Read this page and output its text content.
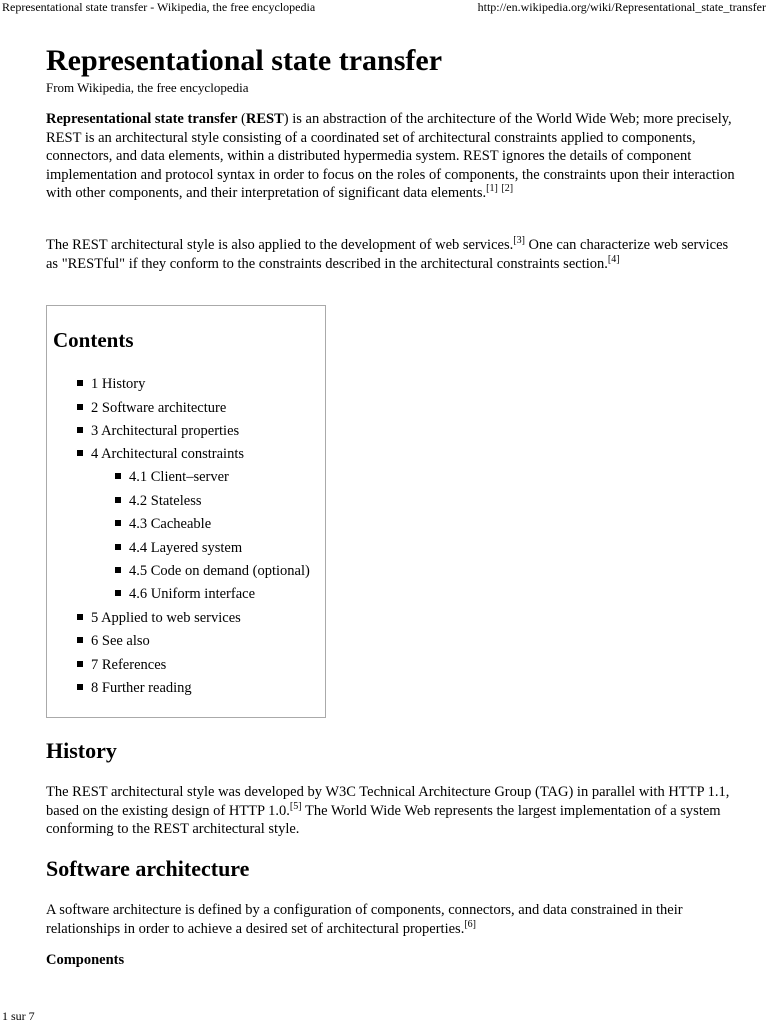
Representational state transfer - Wikipedia, the free encyclopedia	http://en.wikipedia.org/wiki/Representational_state_transfer
Representational state transfer
From Wikipedia, the free encyclopedia

Representational state transfer (REST) is an abstraction of the architecture of the World Wide Web; more precisely, REST is an architectural style consisting of a coordinated set of architectural constraints applied to components, connectors, and data elements, within a distributed hypermedia system. REST ignores the details of component implementation and protocol syntax in order to focus on the roles of components, the constraints upon their interaction with other components, and their interpretation of significant data elements.[1] [2]

The REST architectural style is also applied to the development of web services.[3] One can characterize web services as "RESTful" if they conform to the constraints described in the architectural constraints section.[4]

Contents
1 History
2 Software architecture
3 Architectural properties
4 Architectural constraints
4.1 Client–server
4.2 Stateless
4.3 Cacheable
4.4 Layered system
4.5 Code on demand (optional)
4.6 Uniform interface
5 Applied to web services
6 See also
7 References
8 Further reading
History

The REST architectural style was developed by W3C Technical Architecture Group (TAG) in parallel with HTTP 1.1, based on the existing design of HTTP 1.0.[5] The World Wide Web represents the largest implementation of a system conforming to the REST architectural style.

Software architecture

A software architecture is defined by a configuration of components, connectors, and data constrained in their relationships in order to achieve a desired set of architectural properties.[6]

Components
1 sur 7
